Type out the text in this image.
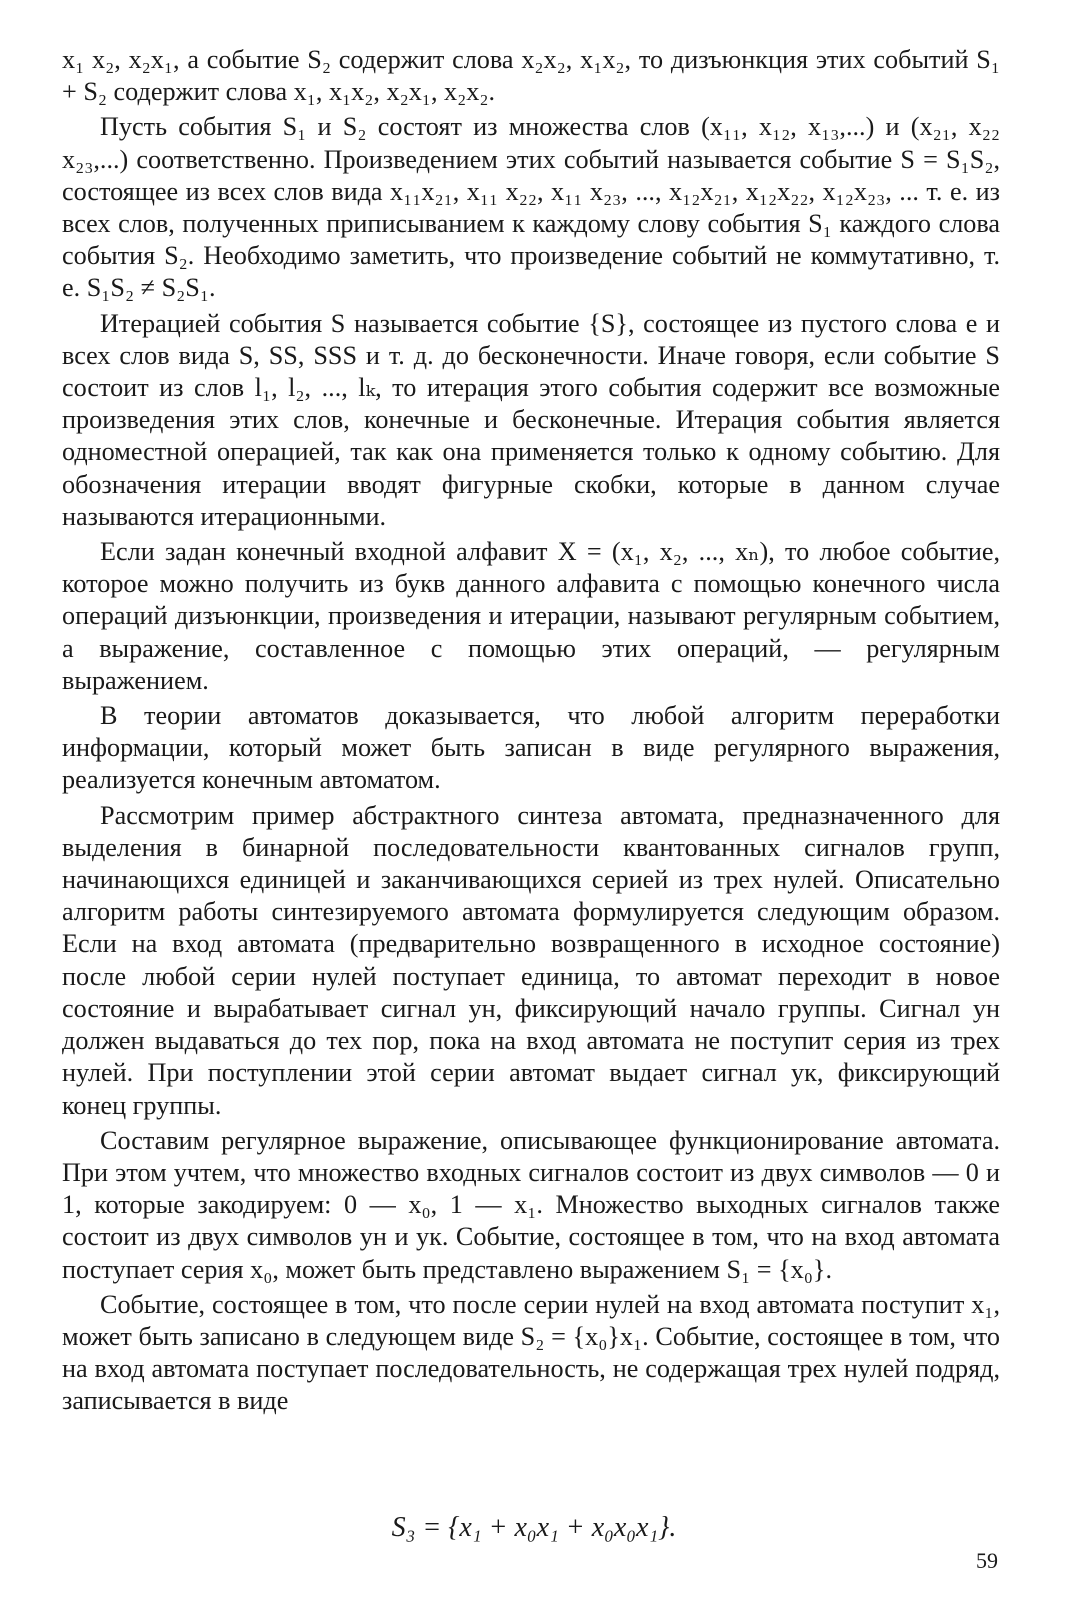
x₁ x₂, x₂x₁, а событие S₂ содержит слова x₂x₂, x₁x₂, то дизъюнкция этих событий S₁ + S₂ содержит слова x₁, x₁x₂, x₂x₁, x₂x₂.

Пусть события S₁ и S₂ состоят из множества слов (x₁₁, x₁₂, x₁₃,...) и (x₂₁, x₂₂ x₂₃,...) соответственно. Произведением этих событий называется событие S = S₁S₂, состоящее из всех слов вида x₁₁x₂₁, x₁₁ x₂₂, x₁₁ x₂₃, ..., x₁₂x₂₁, x₁₂x₂₂, x₁₂x₂₃, ... т. е. из всех слов, полученных приписыванием к каждому слову события S₁ каждого слова события S₂. Необходимо заметить, что произведение событий не коммутативно, т. е. S₁S₂ ≠ S₂S₁.

Итерацией события S называется событие {S}, состоящее из пустого слова e и всех слов вида S, SS, SSS и т. д. до бесконечности. Иначе говоря, если событие S состоит из слов l₁, l₂, ..., lₖ, то итерация этого события содержит все возможные произведения этих слов, конечные и бесконечные. Итерация события является одноместной операцией, так как она применяется только к одному событию. Для обозначения итерации вводят фигурные скобки, которые в данном случае называются итерационными.

Если задан конечный входной алфавит X = (x₁, x₂, ..., xₙ), то любое событие, которое можно получить из букв данного алфавита с помощью конечного числа операций дизъюнкции, произведения и итерации, называют регулярным событием, а выражение, составленное с помощью этих операций, — регулярным выражением.

В теории автоматов доказывается, что любой алгоритм переработки информации, который может быть записан в виде регулярного выражения, реализуется конечным автоматом.

Рассмотрим пример абстрактного синтеза автомата, предназначенного для выделения в бинарной последовательности квантованных сигналов групп, начинающихся единицей и заканчивающихся серией из трех нулей. Описательно алгоритм работы синтезируемого автомата формулируется следующим образом. Если на вход автомата (предварительно возвращенного в исходное состояние) после любой серии нулей поступает единица, то автомат переходит в новое состояние и вырабатывает сигнал yн, фиксирующий начало группы. Сигнал yн должен выдаваться до тех пор, пока на вход автомата не поступит серия из трех нулей. При поступлении этой серии автомат выдает сигнал yк, фиксирующий конец группы.

Составим регулярное выражение, описывающее функционирование автомата. При этом учтем, что множество входных сигналов состоит из двух символов — 0 и 1, которые закодируем: 0 — x₀, 1 — x₁. Множество выходных сигналов также состоит из двух символов yн и yк. Событие, состоящее в том, что на вход автомата поступает серия x₀, может быть представлено выражением S₁ = {x₀}.

Событие, состоящее в том, что после серии нулей на вход автомата поступит x₁, может быть записано в следующем виде S₂ = {x₀}x₁. Событие, состоящее в том, что на вход автомата поступает последовательность, не содержащая трех нулей подряд, записывается в виде

S₃ = {x₁ + x₀x₁ + x₀x₀x₁}.
59
